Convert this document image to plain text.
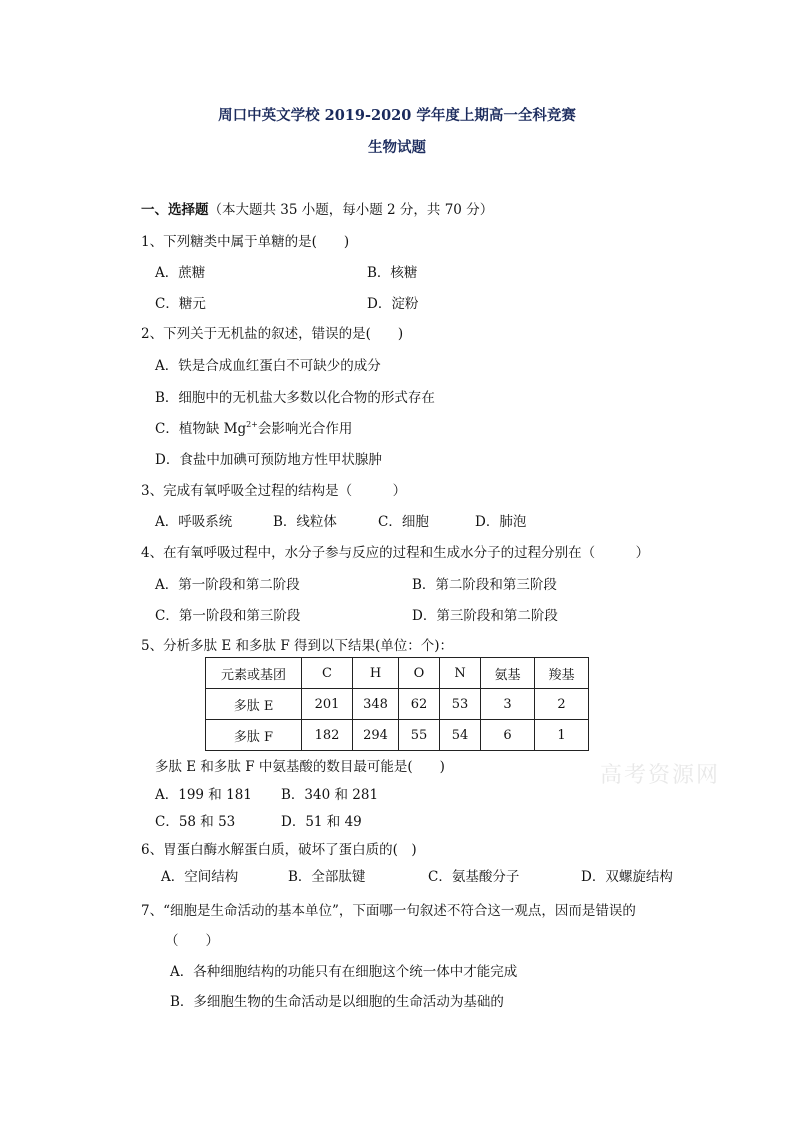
周口中英文学校 2019-2020 学年度上期高一全科竞赛
生物试题
一、选择题（本大题共 35 小题，每小题 2 分，共 70 分）
1、下列糖类中属于单糖的是(　　)
A．蔗糖	B．核糖
C．糖元	D．淀粉
2、下列关于无机盐的叙述，错误的是(　　)
A．铁是合成血红蛋白不可缺少的成分
B．细胞中的无机盐大多数以化合物的形式存在
C．植物缺 $Mg^{2+}$会影响光合作用
D．食盐中加碘可预防地方性甲状腺肿
3、完成有氧呼吸全过程的结构是（　　　）
A．呼吸系统	B．线粒体	C．细胞	D．肺泡
4、在有氧呼吸过程中，水分子参与反应的过程和生成水分子的过程分别在（　　　）
A．第一阶段和第二阶段	B．第二阶段和第三阶段
C．第一阶段和第三阶段	D．第三阶段和第二阶段
5、分析多肽 E 和多肽 F 得到以下结果(单位：个)：
元素或基团	C	H	O	N	氨基	羧基
多肽 E	201	348	62	53	3	2
多肽 F	182	294	55	54	6	1
多肽 E 和多肽 F 中氨基酸的数目最可能是(　　)
A．199 和 181 B．340 和 281
C．58 和 53	D．51 和 49
高考资源网
6、胃蛋白酶水解蛋白质，破坏了蛋白质的(　)
A．空间结构	B．全部肽键	C．氨基酸分子	D．双螺旋结构
7、“细胞是生命活动的基本单位”，下面哪一句叙述不符合这一观点，因而是错误的
（　　）
A．各种细胞结构的功能只有在细胞这个统一体中才能完成
B．多细胞生物的生命活动是以细胞的生命活动为基础的
